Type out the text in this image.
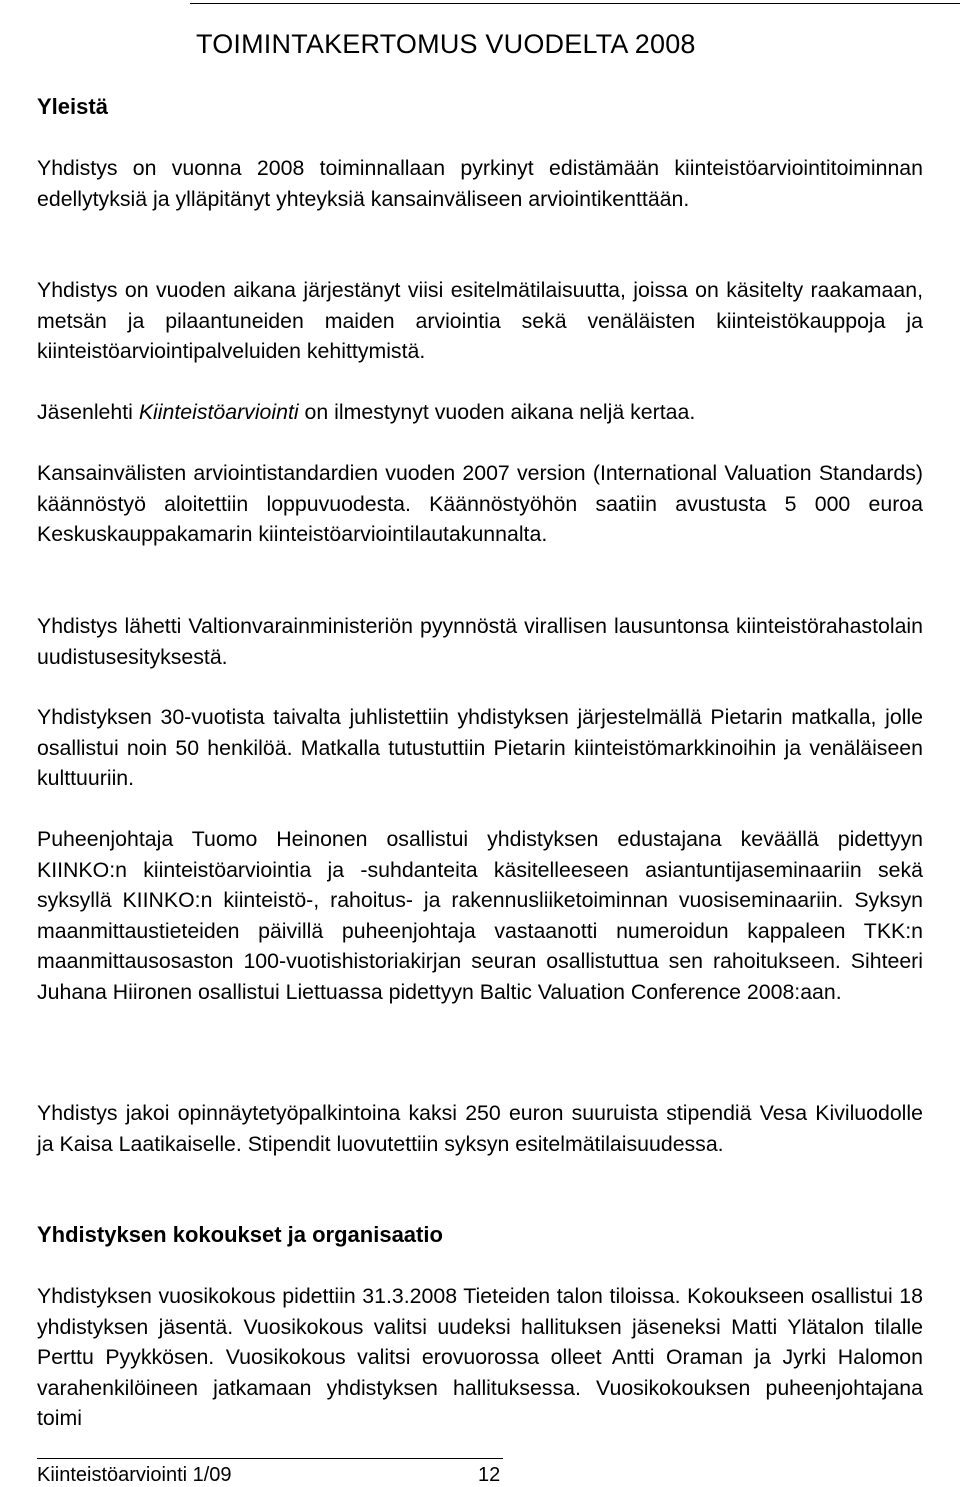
TOIMINTAKERTOMUS VUODELTA 2008
Yleistä

Yhdistys on vuonna 2008 toiminnallaan pyrkinyt edistämään kiinteistöarviointitoiminnan edellytyksiä ja ylläpitänyt yhteyksiä kansainväliseen arviointikenttään.

Yhdistys on vuoden aikana järjestänyt viisi esitelmätilaisuutta, joissa on käsitelty raakamaan, metsän ja pilaantuneiden maiden arviointia sekä venäläisten kiinteistökauppoja ja kiinteistöarviointipalveluiden kehittymistä.

Jäsenlehti Kiinteistöarviointi on ilmestynyt vuoden aikana neljä kertaa.

Kansainvälisten arviointistandardien vuoden 2007 version (International Valuation Standards) käännöstyö aloitettiin loppuvuodesta. Käännöstyöhön saatiin avustusta 5 000 euroa Keskuskauppakamarin kiinteistöarviointilautakunnalta.

Yhdistys lähetti Valtionvarainministeriön pyynnöstä virallisen lausuntonsa kiinteistörahastolain uudistusesityksestä.

Yhdistyksen 30-vuotista taivalta juhlistettiin yhdistyksen järjestelmällä Pietarin matkalla, jolle osallistui noin 50 henkilöä. Matkalla tutustuttiin Pietarin kiinteistömarkkinoihin ja venäläiseen kulttuuriin.

Puheenjohtaja Tuomo Heinonen osallistui yhdistyksen edustajana keväällä pidettyyn KIINKO:n kiinteistöarviointia ja -suhdanteita käsitelleeseen asiantuntijaseminaariin sekä syksyllä KIINKO:n kiinteistö-, rahoitus- ja rakennusliiketoiminnan vuosiseminaariin. Syksyn maanmittaustieteiden päivillä puheenjohtaja vastaanotti numeroidun kappaleen TKK:n maanmittausosaston 100-vuotishistoriakirjan seuran osallistuttua sen rahoitukseen. Sihteeri Juhana Hiironen osallistui Liettuassa pidettyyn Baltic Valuation Conference 2008:aan.

Yhdistys jakoi opinnäytetyöpalkintoina kaksi 250 euron suuruista stipendiä Vesa Kiviluodolle ja Kaisa Laatikaiselle. Stipendit luovutettiin syksyn esitelmätilaisuudessa.

Yhdistyksen kokoukset ja organisaatio

Yhdistyksen vuosikokous pidettiin 31.3.2008 Tieteiden talon tiloissa. Kokoukseen osallistui 18 yhdistyksen jäsentä. Vuosikokous valitsi uudeksi hallituksen jäseneksi Matti Ylätalon tilalle Perttu Pyykkösen. Vuosikokous valitsi erovuorossa olleet Antti Oraman ja Jyrki Halomon varahenkilöineen jatkamaan yhdistyksen hallituksessa. Vuosikokouksen puheenjohtajana toimi

Kiinteistöarviointi 1/09	12
